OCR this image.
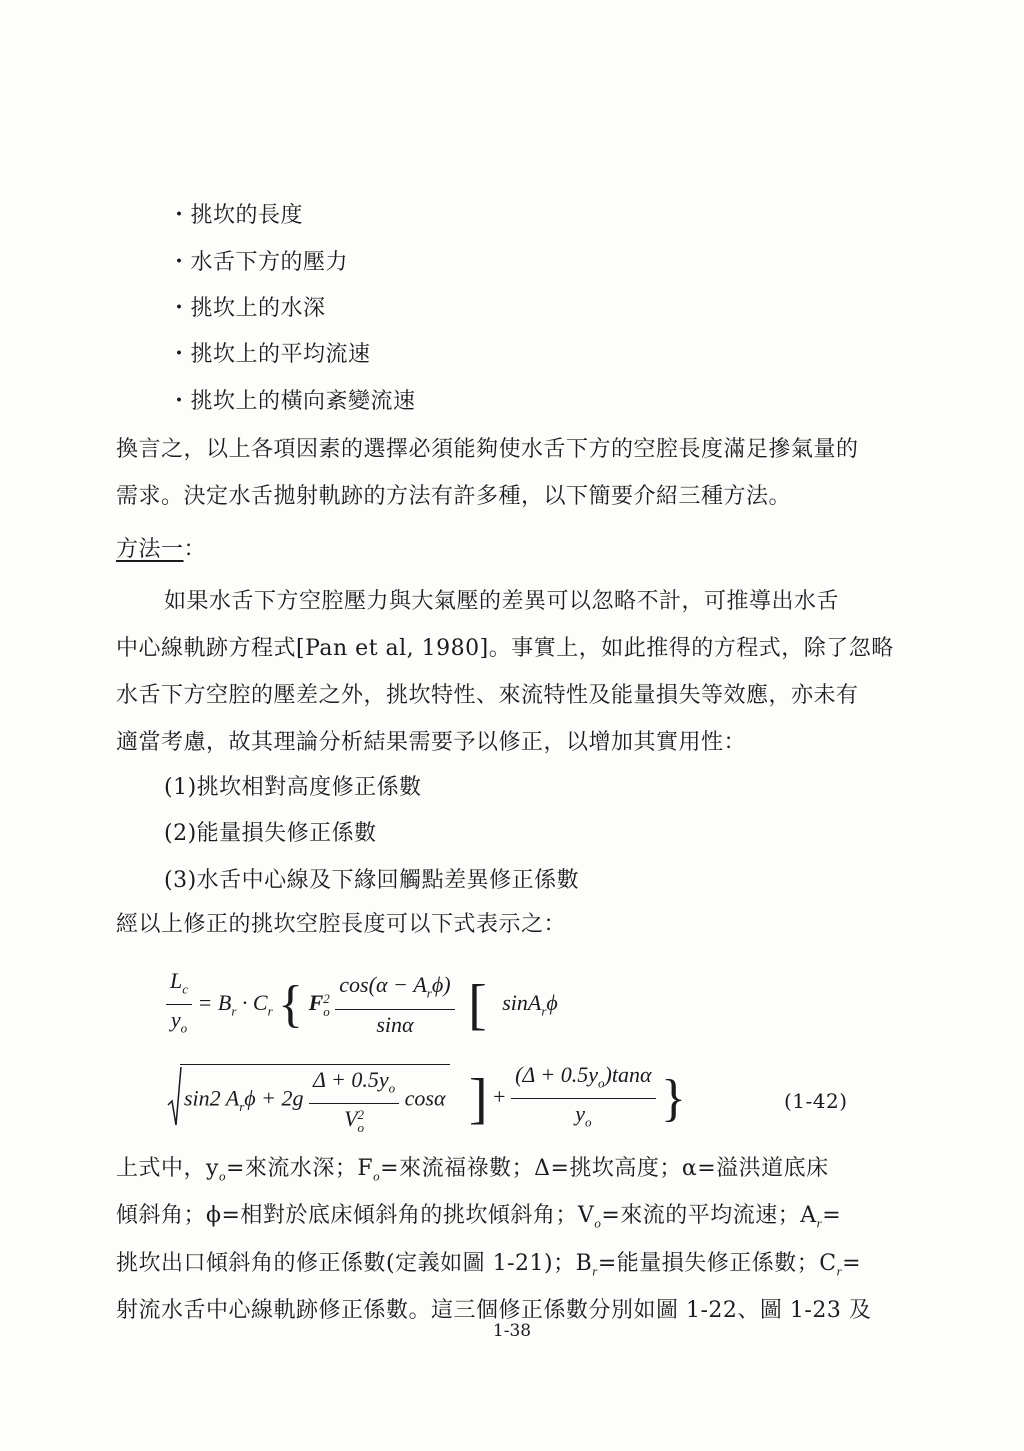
・挑坎的長度
・水舌下方的壓力
・挑坎上的水深
・挑坎上的平均流速
・挑坎上的橫向紊變流速
換言之，以上各項因素的選擇必須能夠使水舌下方的空腔長度滿足摻氣量的
需求。決定水舌拋射軌跡的方法有許多種，以下簡要介紹三種方法。
方法一：
如果水舌下方空腔壓力與大氣壓的差異可以忽略不計，可推導出水舌
中心線軌跡方程式[Pan et al, 1980]。事實上，如此推得的方程式，除了忽略
水舌下方空腔的壓差之外，挑坎特性、來流特性及能量損失等效應，亦未有
適當考慮，故其理論分析結果需要予以修正，以增加其實用性：
(1)挑坎相對高度修正係數
(2)能量損失修正係數
(3)水舌中心線及下緣回觸點差異修正係數
經以上修正的挑坎空腔長度可以下式表示之：
$\frac{L_c}{y_o} = B_r \cdot C_r$ { F 2
o
$\frac{\cos(\alpha - A_r\phi)}{\sin\alpha}$ [ sinA$_r$ϕ
sin2 $A_r\phi + 2g$ $\Delta + 0.5y_o$
V 2
o cosα ] + $\frac{(\Delta + 0.5y_o)\tan\alpha}{y_o}$ }	(1-42)
上式中，$y_o=$來流水深；$F_o=$來流福祿數；Δ=挑坎高度；α=溢洪道底床
傾斜角；ϕ=相對於底床傾斜角的挑坎傾斜角；$V_o=$來流的平均流速；$A_r=$
挑坎出口傾斜角的修正係數(定義如圖 1-21)；$B_r=$能量損失修正係數；$C_r=$
射流水舌中心線軌跡修正係數。這三個修正係數分別如圖 1-22、圖 1-23 及
1-38
